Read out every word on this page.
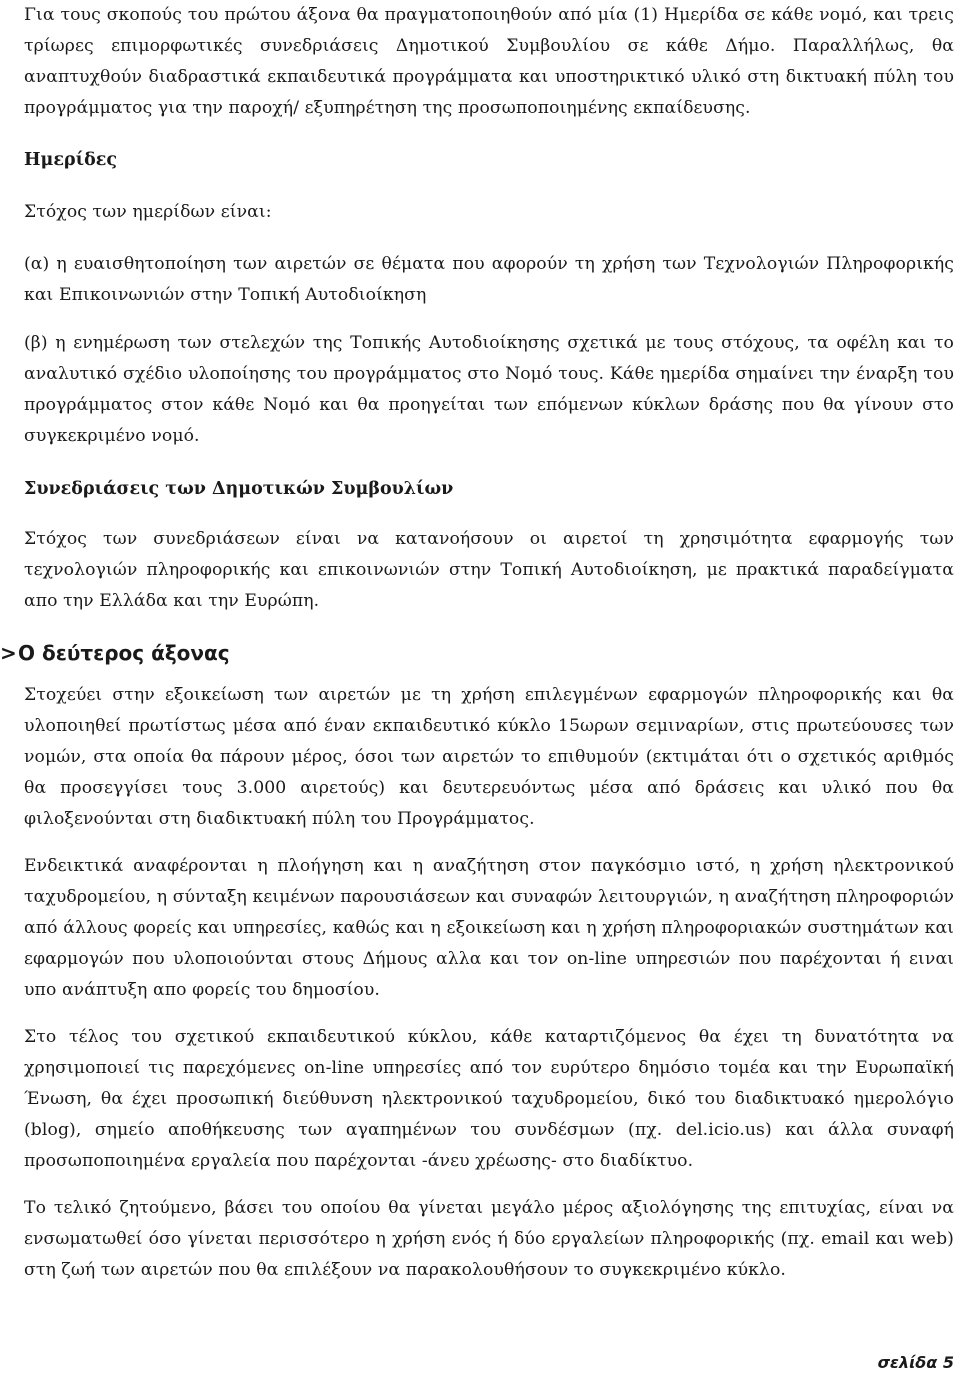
Για τους σκοπούς του πρώτου άξονα θα πραγματοποιηθούν από μία (1) Ημερίδα σε κάθε νομό, και τρεις τρίωρες επιμορφωτικές συνεδριάσεις Δημοτικού Συμβουλίου σε κάθε Δήμο. Παραλλήλως, θα αναπτυχθούν διαδραστικά εκπαιδευτικά προγράμματα και υποστηρικτικό υλικό στη δικτυακή πύλη του προγράμματος για την παροχή/ εξυπηρέτηση της προσωποποιημένης εκπαίδευσης.

Ημερίδες

Στόχος των ημερίδων είναι:

(α) η ευαισθητοποίηση των αιρετών σε θέματα που αφορούν τη χρήση των Τεχνολογιών Πληροφορικής και Επικοινωνιών στην Τοπική Αυτοδιοίκηση

(β) η ενημέρωση των στελεχών της Τοπικής Αυτοδιοίκησης σχετικά με τους στόχους, τα οφέλη και το αναλυτικό σχέδιο υλοποίησης του προγράμματος στο Νομό τους. Κάθε ημερίδα σημαίνει την έναρξη του προγράμματος στον κάθε Νομό και θα προηγείται των επόμενων κύκλων δράσης που θα γίνουν στο συγκεκριμένο νομό.

Συνεδριάσεις των Δημοτικών Συμβουλίων

Στόχος των συνεδριάσεων είναι να κατανοήσουν οι αιρετοί τη χρησιμότητα εφαρμογής των τεχνολογιών πληροφορικής και επικοινωνιών στην Τοπική Αυτοδιοίκηση, με πρακτικά παραδείγματα απο την Ελλάδα και την Ευρώπη.

> Ο δεύτερος άξονας

Στοχεύει στην εξοικείωση των αιρετών με τη χρήση επιλεγμένων εφαρμογών πληροφορικής και θα υλοποιηθεί πρωτίστως μέσα από έναν εκπαιδευτικό κύκλο 15ωρων σεμιναρίων, στις πρωτεύουσες των νομών, στα οποία θα πάρουν μέρος, όσοι των αιρετών το επιθυμούν (εκτιμάται ότι ο σχετικός αριθμός θα προσεγγίσει τους 3.000 αιρετούς) και δευτερευόντως μέσα από δράσεις και υλικό που θα φιλοξενούνται στη διαδικτυακή πύλη του Προγράμματος.

Ενδεικτικά αναφέρονται η πλοήγηση και η αναζήτηση στον παγκόσμιο ιστό, η χρήση ηλεκτρονικού ταχυδρομείου, η σύνταξη κειμένων παρουσιάσεων και συναφών λειτουργιών, η αναζήτηση πληροφοριών από άλλους φορείς και υπηρεσίες, καθώς και η εξοικείωση και η χρήση πληροφοριακών συστημάτων και εφαρμογών που υλοποιούνται στους Δήμους αλλα και τον on-line υπηρεσιών που παρέχονται ή ειναι υπο ανάπτυξη απο φορείς του δημοσίου.

Στο τέλος του σχετικού εκπαιδευτικού κύκλου, κάθε καταρτιζόμενος θα έχει τη δυνατότητα να χρησιμοποιεί τις παρεχόμενες on-line υπηρεσίες από τον ευρύτερο δημόσιο τομέα και την Ευρωπαϊκή Ένωση, θα έχει προσωπική διεύθυνση ηλεκτρονικού ταχυδρομείου, δικό του διαδικτυακό ημερολόγιο (blog), σημείο αποθήκευσης των αγαπημένων του συνδέσμων (πχ. del.icio.us) και άλλα συναφή προσωποποιημένα εργαλεία που παρέχονται -άνευ χρέωσης- στο διαδίκτυο.

Το τελικό ζητούμενο, βάσει του οποίου θα γίνεται μεγάλο μέρος αξιολόγησης της επιτυχίας, είναι να ενσωματωθεί όσο γίνεται περισσότερο η χρήση ενός ή δύο εργαλείων πληροφορικής (πχ. email και web) στη ζωή των αιρετών που θα επιλέξουν να παρακολουθήσουν το συγκεκριμένο κύκλο.

σελίδα 5
